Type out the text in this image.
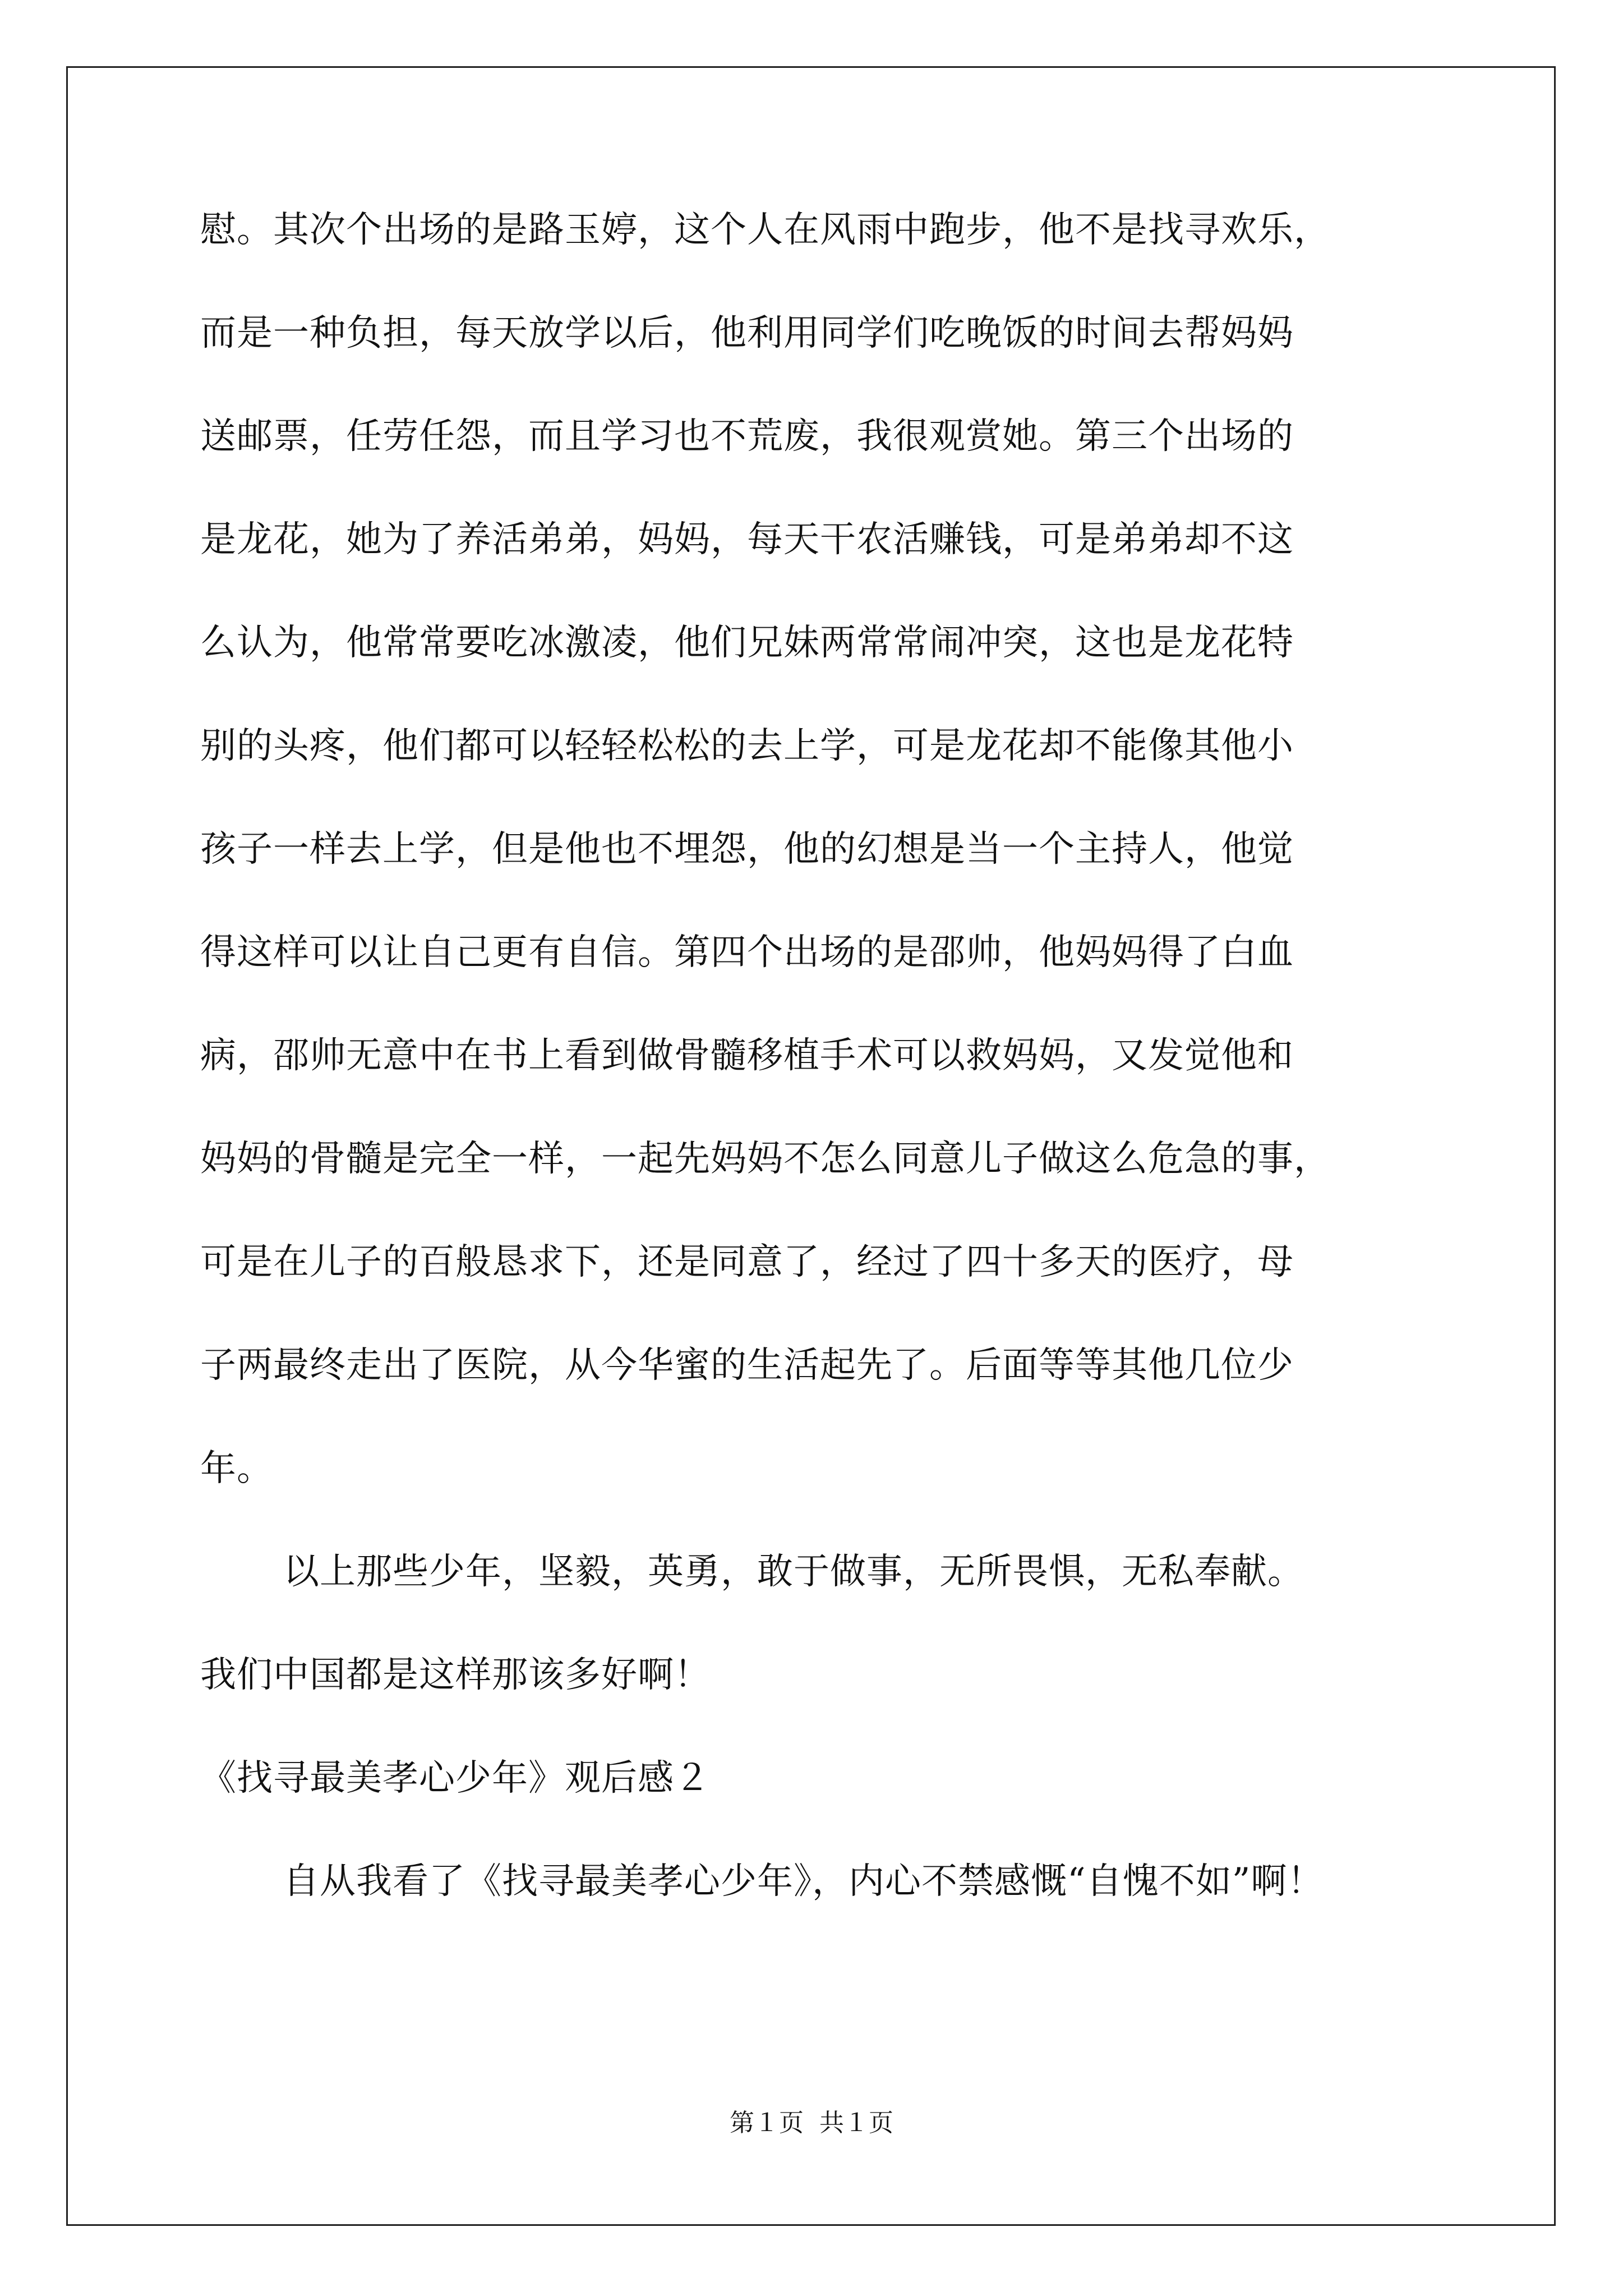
慰。其次个出场的是路玉婷，这个人在风雨中跑步，他不是找寻欢乐，
而是一种负担，每天放学以后，他利用同学们吃晚饭的时间去帮妈妈
送邮票，任劳任怨，而且学习也不荒废，我很观赏她。第三个出场的
是龙花，她为了养活弟弟，妈妈，每天干农活赚钱，可是弟弟却不这
么认为，他常常要吃冰激凌，他们兄妹两常常闹冲突，这也是龙花特
别的头疼，他们都可以轻轻松松的去上学，可是龙花却不能像其他小
孩子一样去上学，但是他也不埋怨，他的幻想是当一个主持人，他觉
得这样可以让自己更有自信。第四个出场的是邵帅，他妈妈得了白血
病，邵帅无意中在书上看到做骨髓移植手术可以救妈妈，又发觉他和
妈妈的骨髓是完全一样，一起先妈妈不怎么同意儿子做这么危急的事，
可是在儿子的百般恳求下，还是同意了，经过了四十多天的医疗，母
子两最终走出了医院，从今华蜜的生活起先了。后面等等其他几位少
年。
以上那些少年，坚毅，英勇，敢于做事，无所畏惧，无私奉献。
我们中国都是这样那该多好啊！
《找寻最美孝心少年》观后感２
自从我看了《找寻最美孝心少年》，内心不禁感慨“自愧不如”啊！
第１页 共１页
